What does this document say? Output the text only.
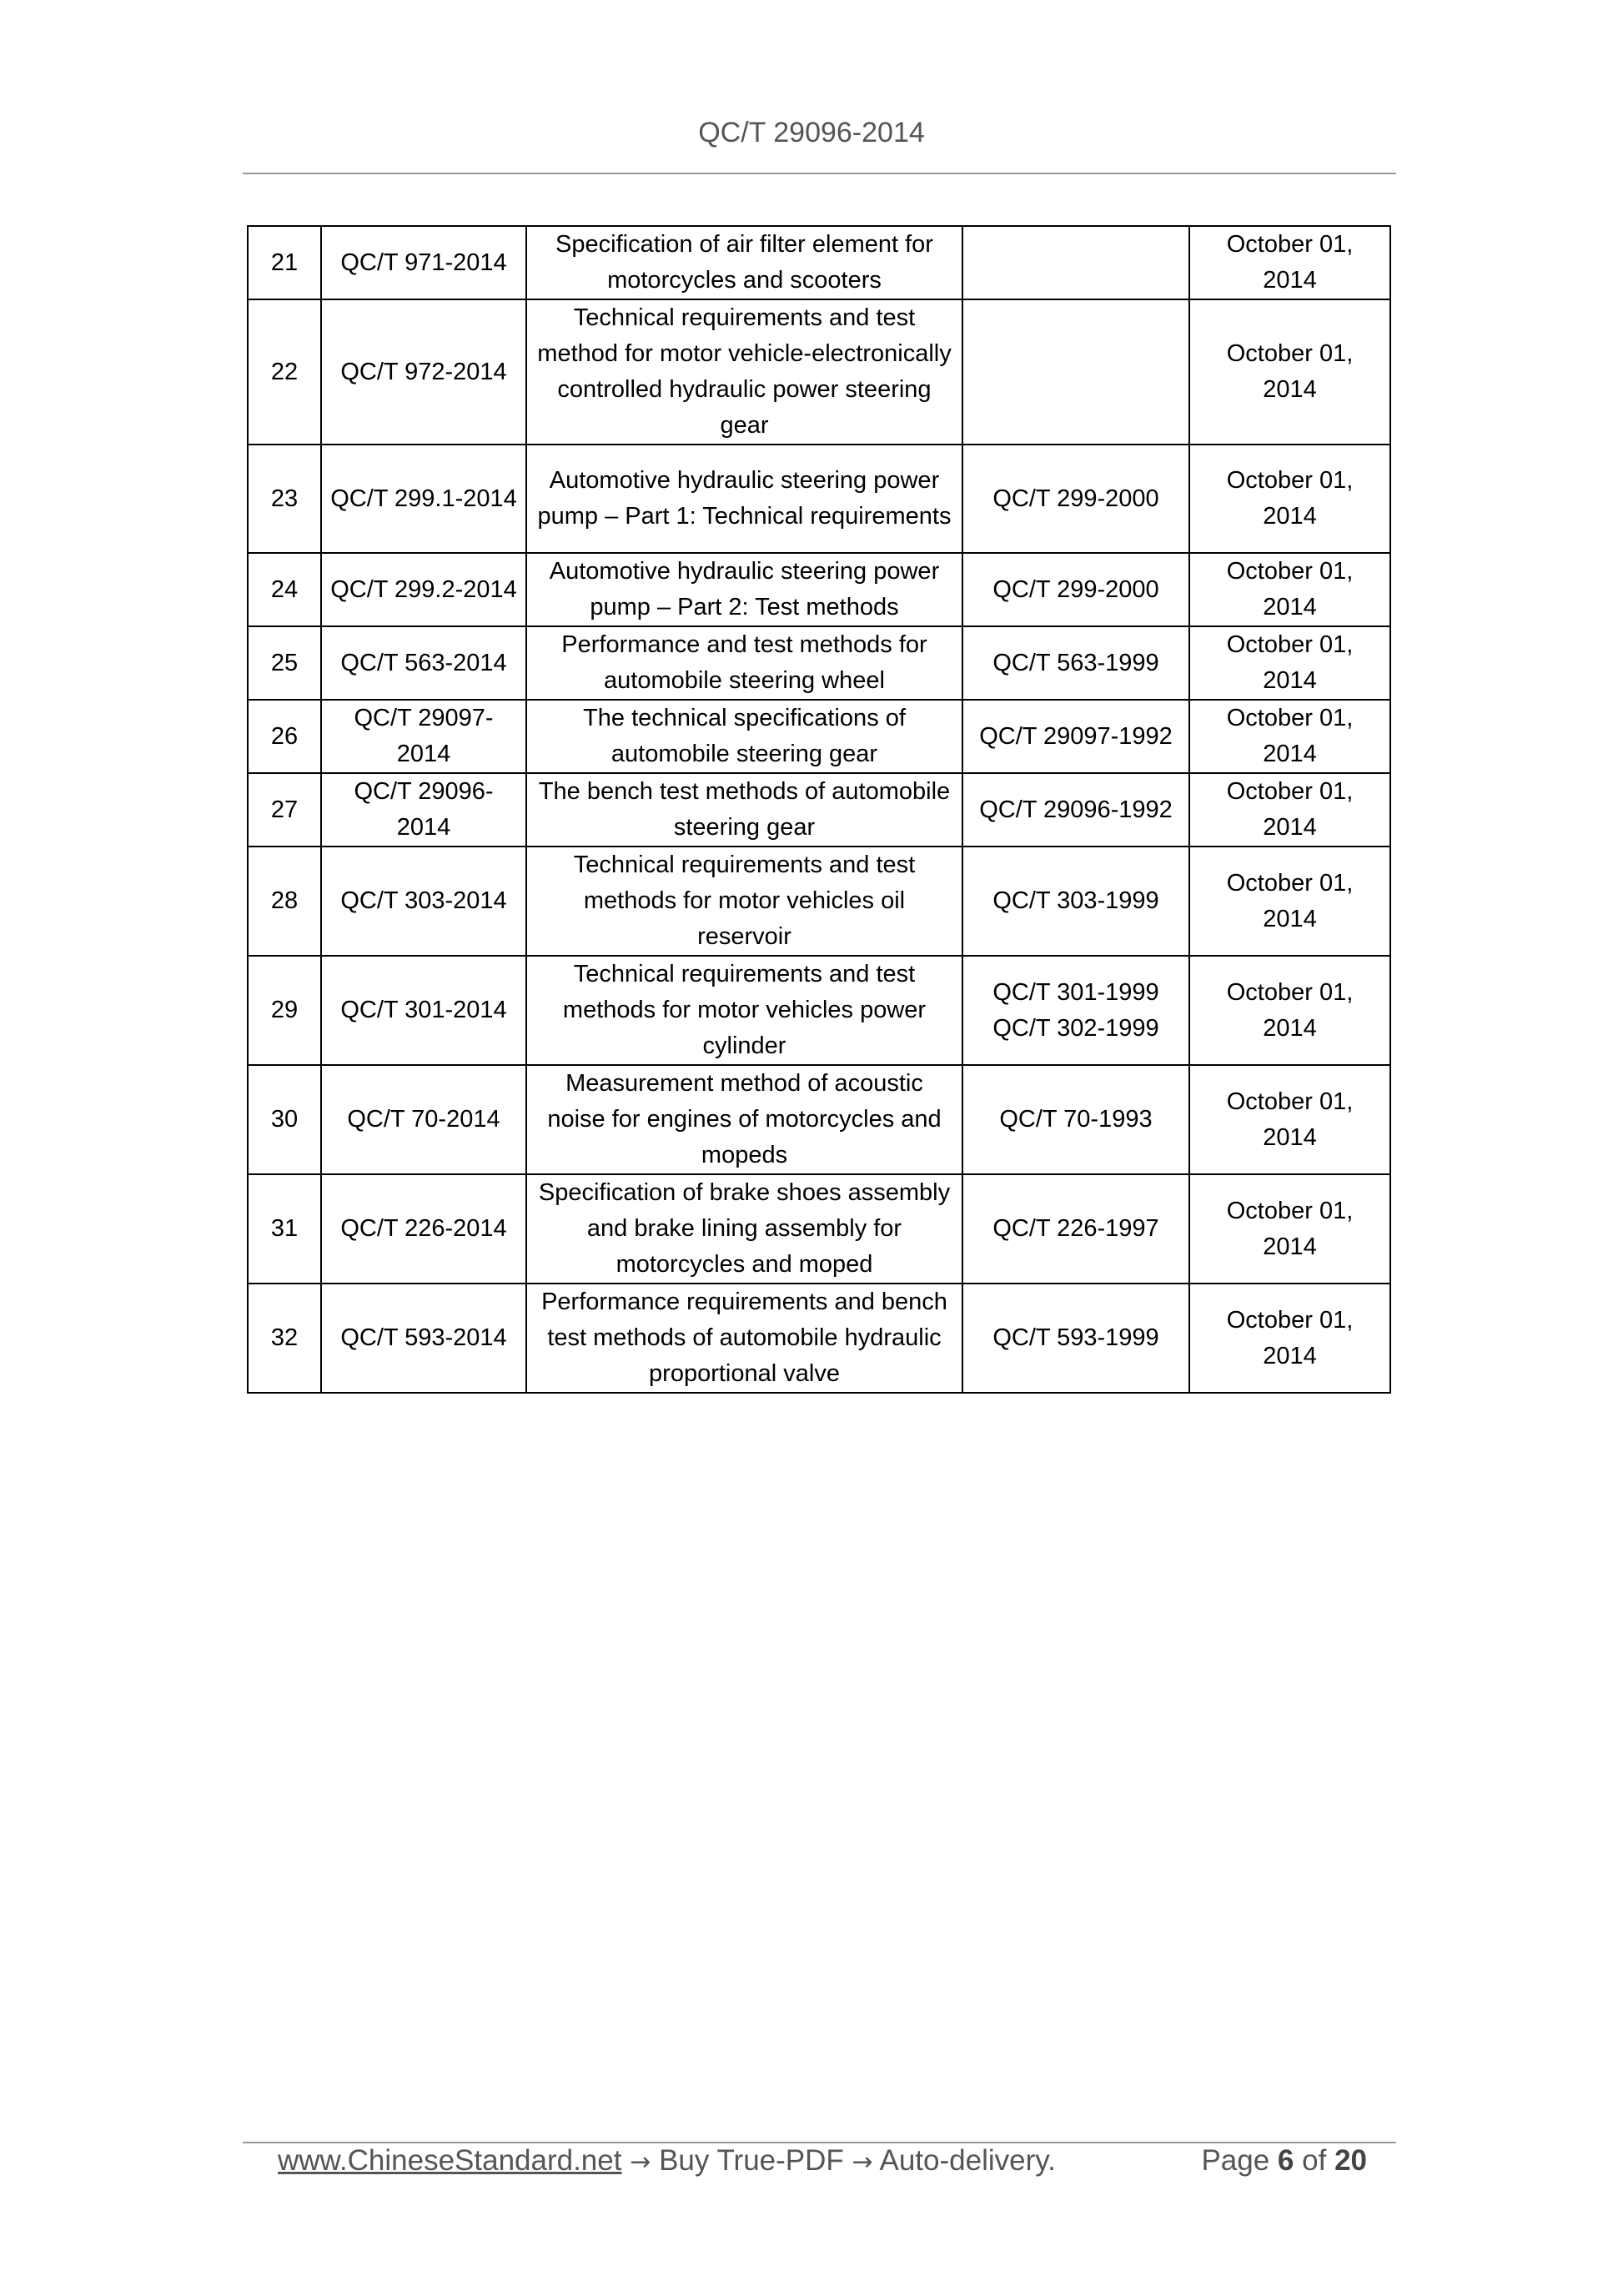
QC/T 29096-2014
21	QC/T 971-2014	Specification of air filter element for motorcycles and scooters		October 01, 2014
22	QC/T 972-2014	Technical requirements and test method for motor vehicle-electronically controlled hydraulic power steering gear		October 01, 2014
23	QC/T 299.1-2014	Automotive hydraulic steering power pump – Part 1: Technical requirements	QC/T 299-2000	October 01, 2014
24	QC/T 299.2-2014	Automotive hydraulic steering power pump – Part 2: Test methods	QC/T 299-2000	October 01, 2014
25	QC/T 563-2014	Performance and test methods for automobile steering wheel	QC/T 563-1999	October 01, 2014
26	QC/T 29097-2014	The technical specifications of automobile steering gear	QC/T 29097-1992	October 01, 2014
27	QC/T 29096-2014	The bench test methods of automobile steering gear	QC/T 29096-1992	October 01, 2014
28	QC/T 303-2014	Technical requirements and test methods for motor vehicles oil reservoir	QC/T 303-1999	October 01, 2014
29	QC/T 301-2014	Technical requirements and test methods for motor vehicles power cylinder	QC/T 301-1999 QC/T 302-1999	October 01, 2014
30	QC/T 70-2014	Measurement method of acoustic noise for engines of motorcycles and mopeds	QC/T 70-1993	October 01, 2014
31	QC/T 226-2014	Specification of brake shoes assembly and brake lining assembly for motorcycles and moped	QC/T 226-1997	October 01, 2014
32	QC/T 593-2014	Performance requirements and bench test methods of automobile hydraulic proportional valve	QC/T 593-1999	October 01, 2014
www.ChineseStandard.net → Buy True-PDF → Auto-delivery.	Page 6 of 20
